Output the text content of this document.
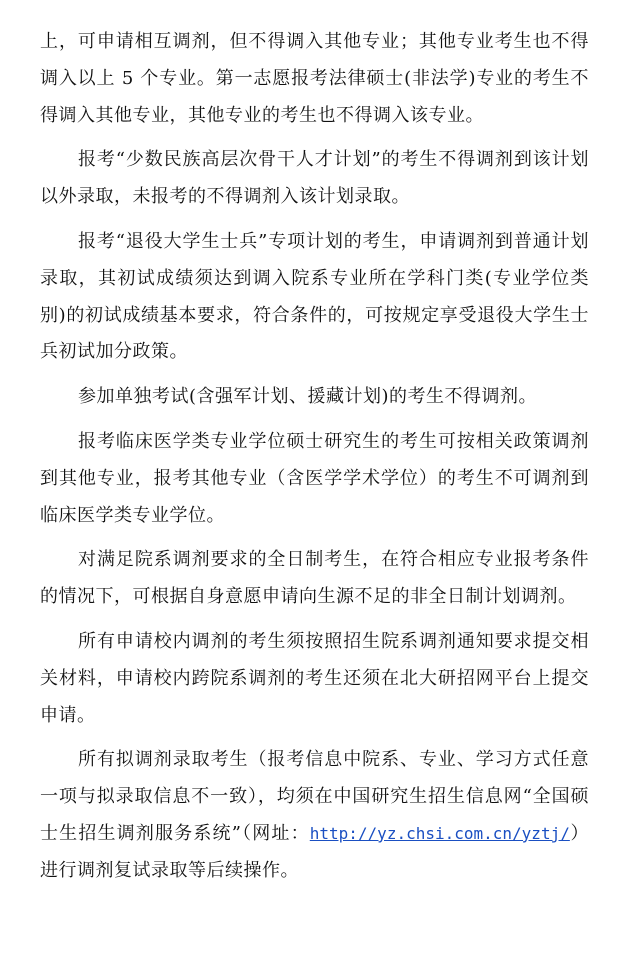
上，可申请相互调剂，但不得调入其他专业；其他专业考生也不得调入以上 5 个专业。第一志愿报考法律硕士(非法学)专业的考生不得调入其他专业，其他专业的考生也不得调入该专业。

报考“少数民族高层次骨干人才计划”的考生不得调剂到该计划以外录取，未报考的不得调剂入该计划录取。

报考“退役大学生士兵”专项计划的考生，申请调剂到普通计划录取，其初试成绩须达到调入院系专业所在学科门类(专业学位类别)的初试成绩基本要求，符合条件的，可按规定享受退役大学生士兵初试加分政策。

参加单独考试(含强军计划、援藏计划)的考生不得调剂。

报考临床医学类专业学位硕士研究生的考生可按相关政策调剂到其他专业，报考其他专业（含医学学术学位）的考生不可调剂到临床医学类专业学位。

对满足院系调剂要求的全日制考生，在符合相应专业报考条件的情况下，可根据自身意愿申请向生源不足的非全日制计划调剂。

所有申请校内调剂的考生须按照招生院系调剂通知要求提交相关材料，申请校内跨院系调剂的考生还须在北大研招网平台上提交申请。

所有拟调剂录取考生（报考信息中院系、专业、学习方式任意一项与拟录取信息不一致），均须在中国研究生招生信息网“全国硕士生招生调剂服务系统”（网址：http://yz.chsi.com.cn/yztj/）进行调剂复试录取等后续操作。
